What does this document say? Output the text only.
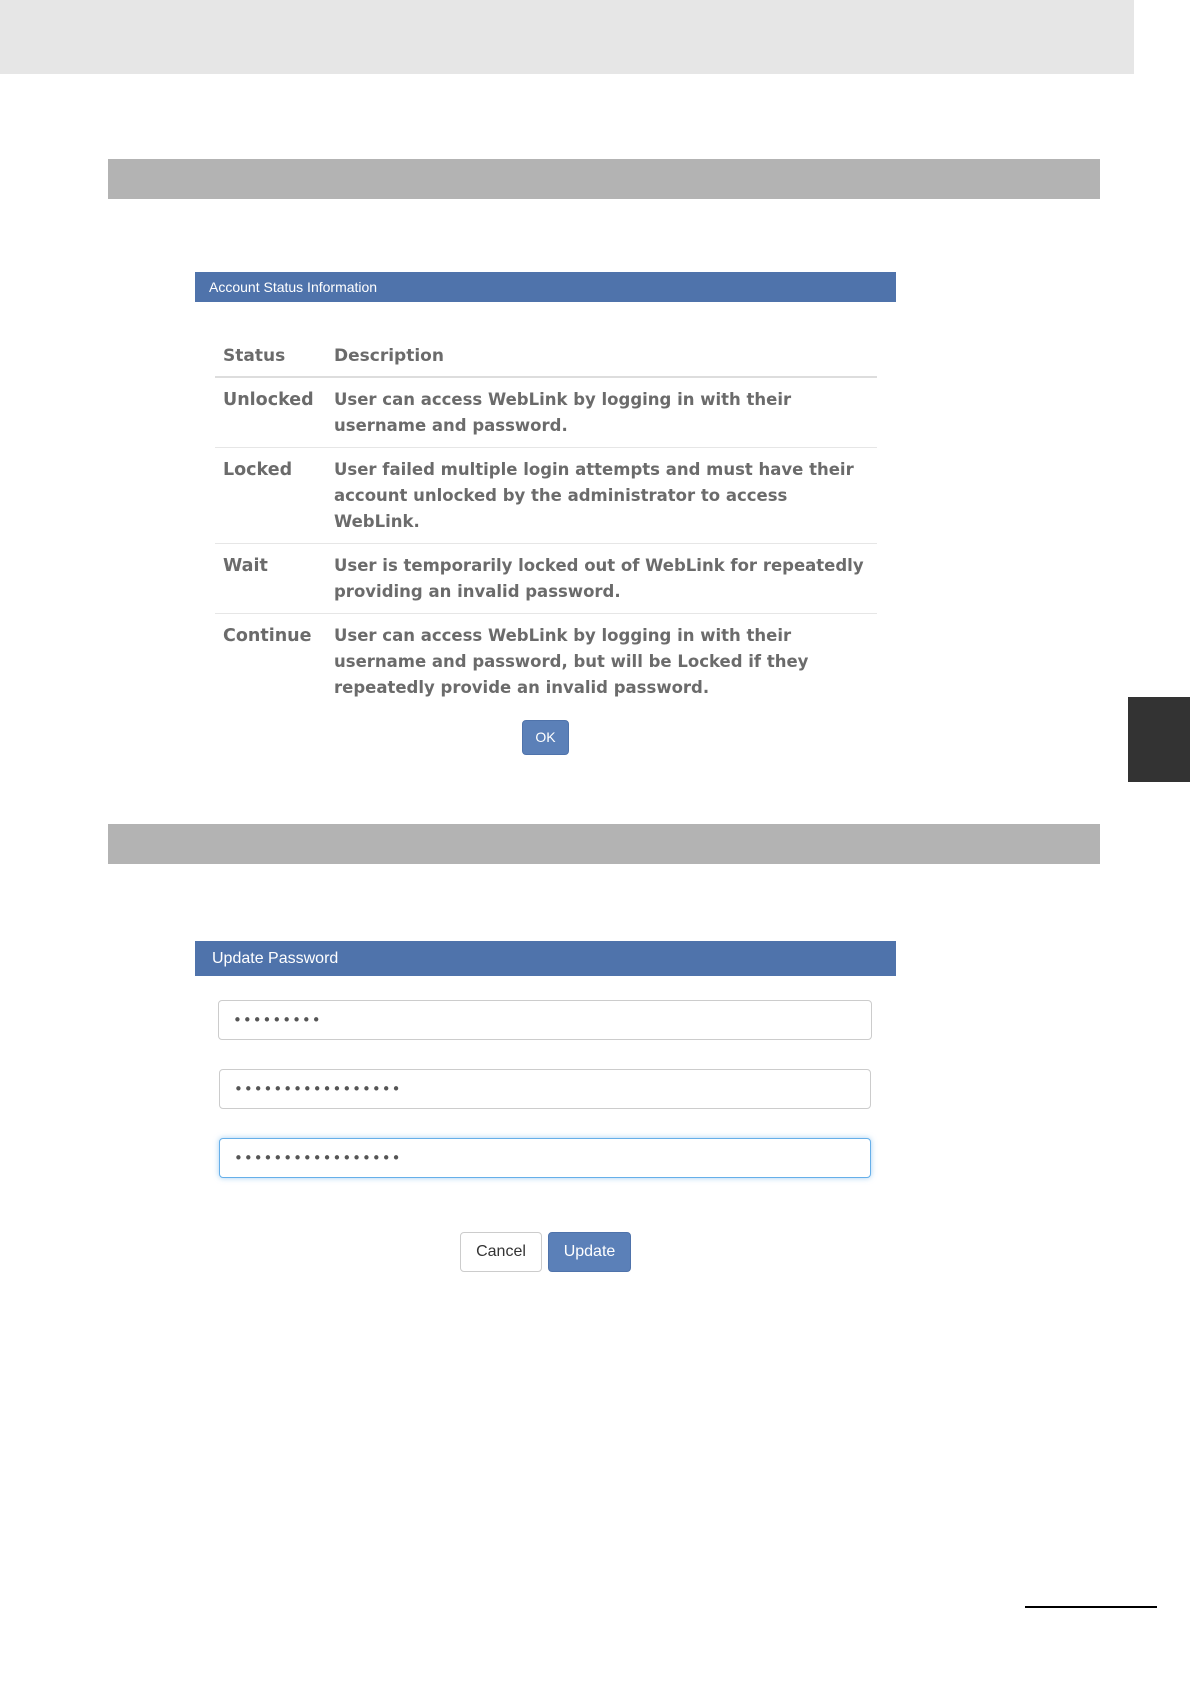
Account Status Information
Status	Description
Unlocked	User can access WebLink by logging in with their username and password.
Locked	User failed multiple login attempts and must have their account unlocked by the administrator to access WebLink.
Wait	User is temporarily locked out of WebLink for repeatedly providing an invalid password.
Continue	User can access WebLink by logging in with their username and password, but will be Locked if they repeatedly provide an invalid password.
OK
Update Password
•••••••••
•••••••••••••••••
•••••••••••••••••
Cancel	Update
